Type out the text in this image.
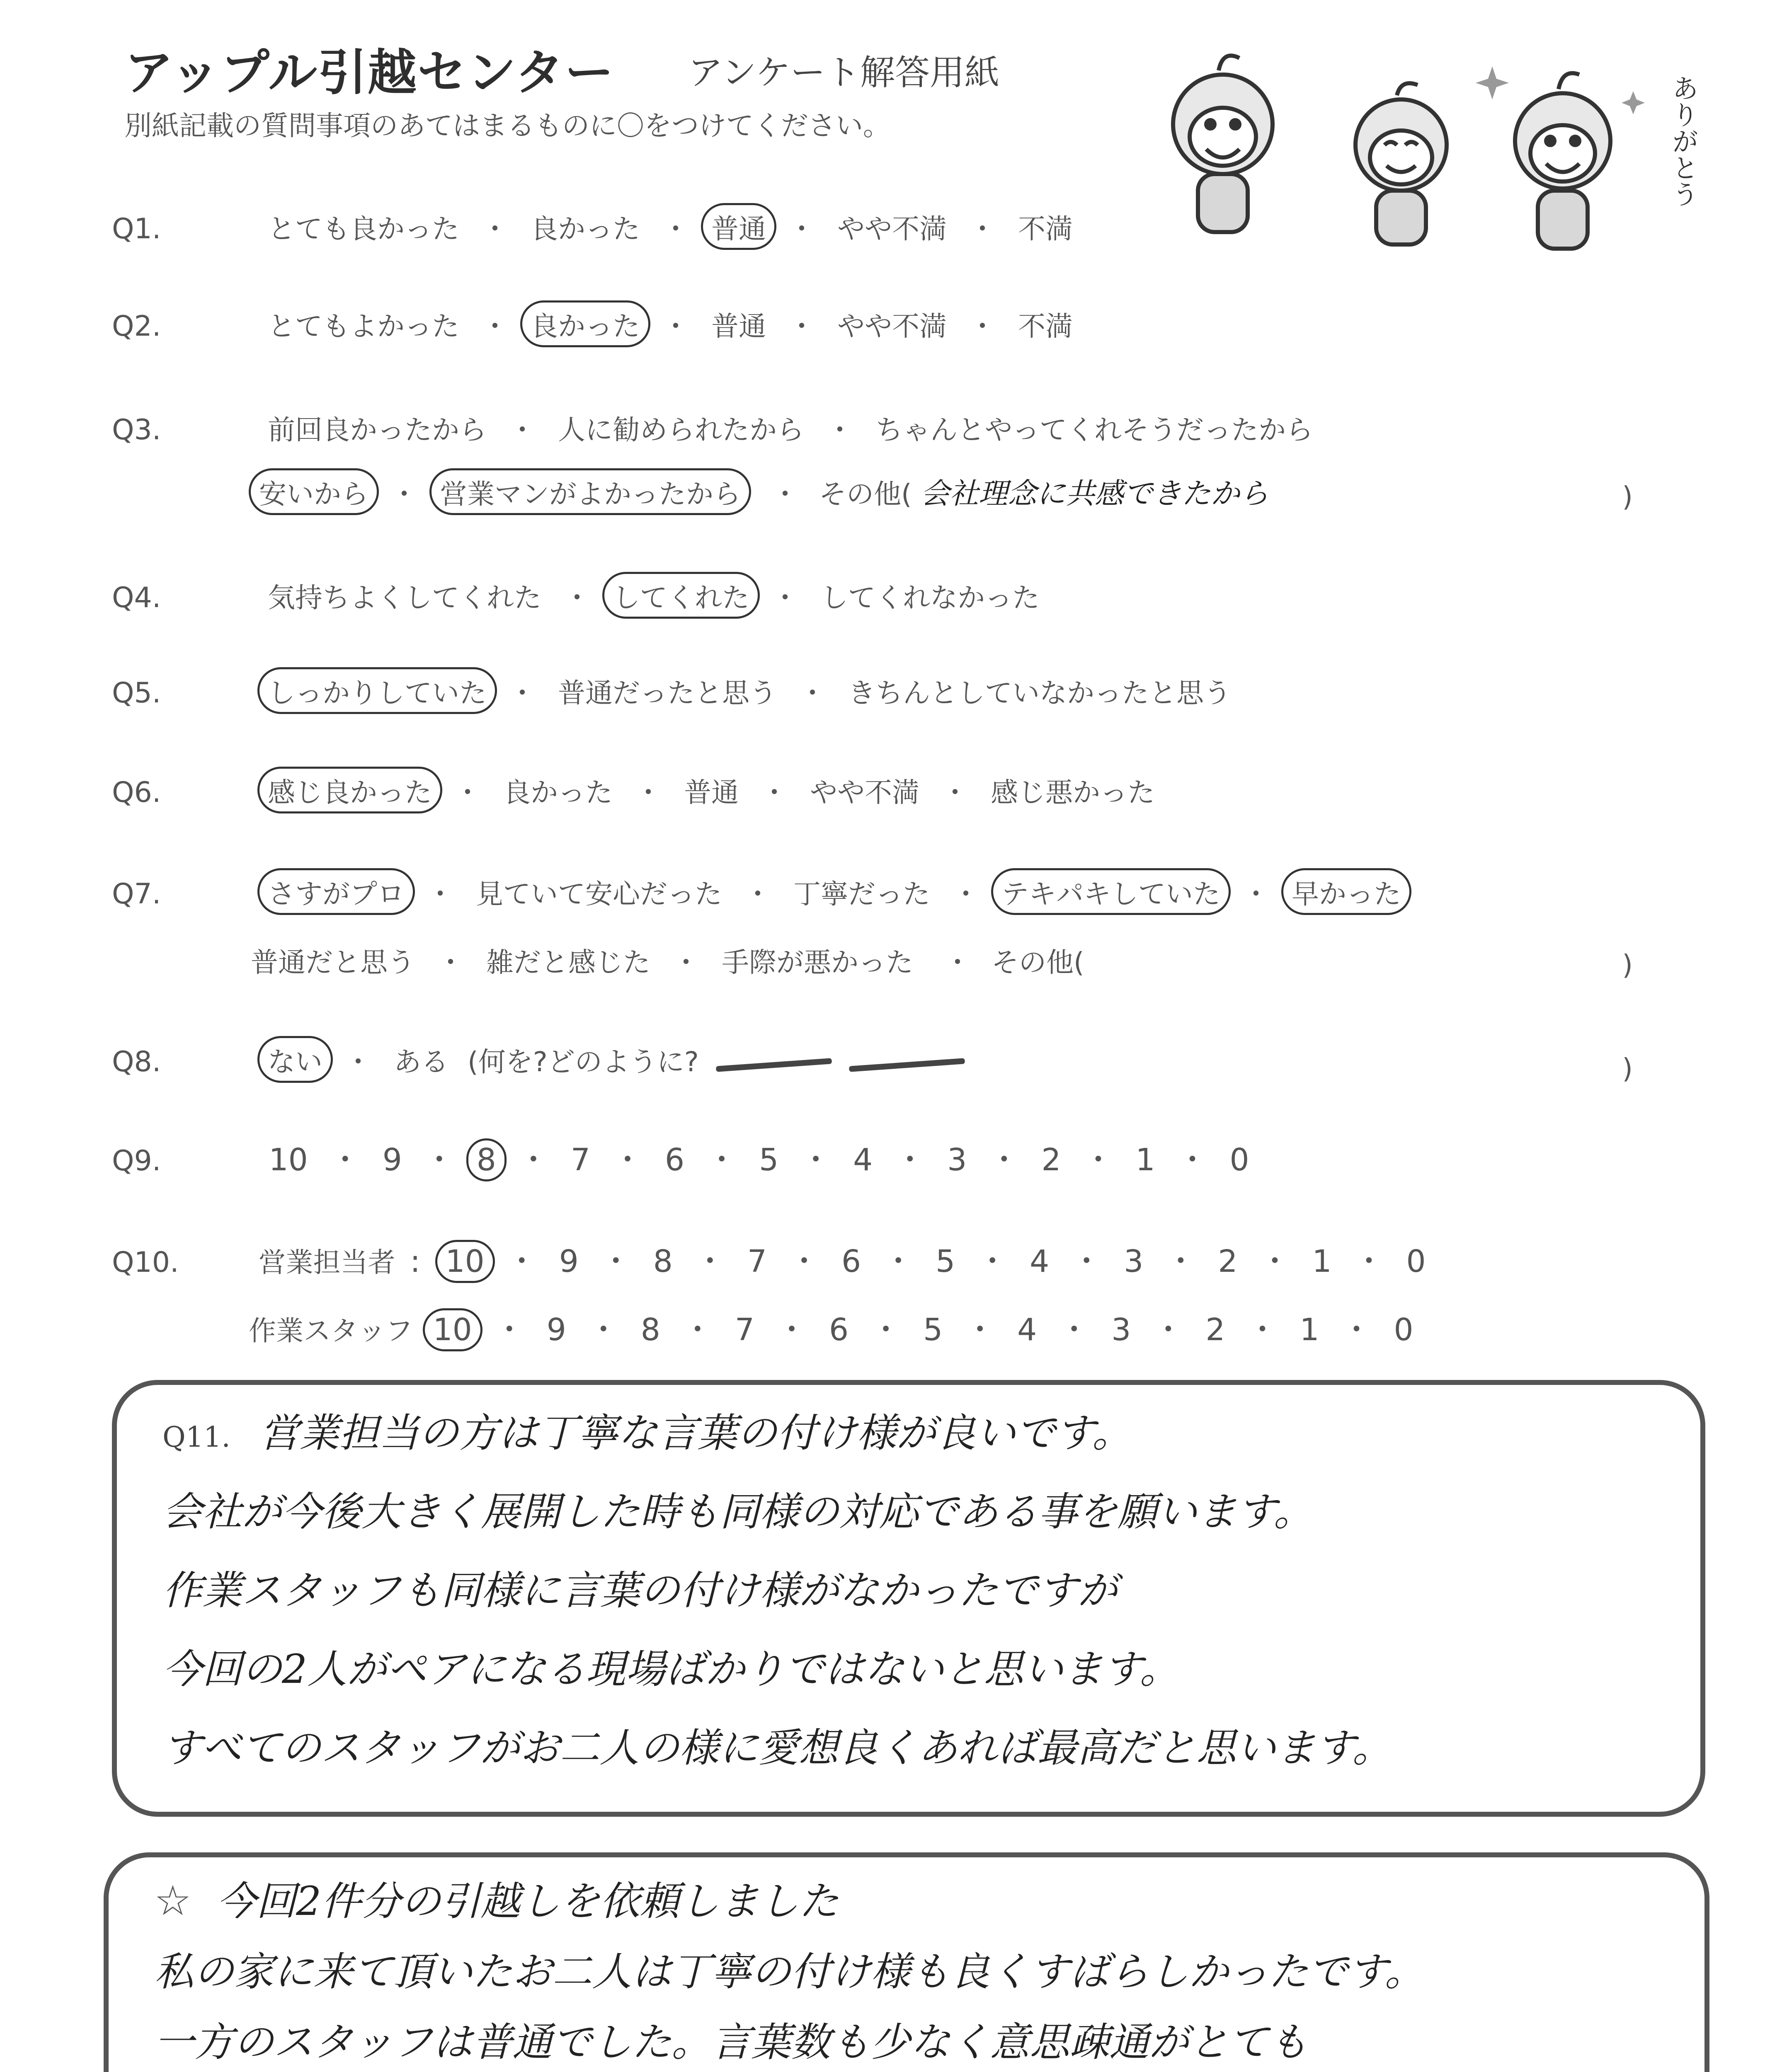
アップル引越センター アンケート解答用紙
別紙記載の質問事項のあてはまるものに〇をつけてください。	ありがとう
Q1.	とても良かった ・ 良かった ・ 普通 ・ やや不満 ・ 不満
Q2.	とてもよかった ・ 良かった ・ 普通 ・ やや不満 ・ 不満
Q3.	前回良かったから ・ 人に勧められたから ・ ちゃんとやってくれそうだったから
安いから ・ 営業マンがよかったから ・ その他( 会社理念に共感できたから	)
Q4.	気持ちよくしてくれた ・ してくれた ・ してくれなかった
Q5.	しっかりしていた ・ 普通だったと思う ・ きちんとしていなかったと思う
Q6.	感じ良かった ・ 良かった ・ 普通 ・ やや不満 ・ 感じ悪かった
Q7.	さすがプロ ・ 見ていて安心だった ・ 丁寧だった ・ テキパキしていた ・ 早かった
普通だと思う ・ 雑だと感じた ・ 手際が悪かった ・ その他(	)
Q8.	ない ・ ある (何を?どのように?	)
Q9.	10 ・ 9 ・ 8 ・ 7 ・ 6 ・ 5 ・ 4 ・ 3 ・ 2 ・ 1 ・ 0
Q10.	営業担当者 : 10 ・ 9 ・ 8 ・ 7 ・ 6 ・ 5 ・ 4 ・ 3 ・ 2 ・ 1 ・ 0
作業スタッフ 10 ・ 9 ・ 8 ・ 7 ・ 6 ・ 5 ・ 4 ・ 3 ・ 2 ・ 1 ・ 0
Q11. 営業担当の方は丁寧な言葉の付け様が良いです。
会社が今後大きく展開した時も同様の対応である事を願います。
作業スタッフも同様に言葉の付け様がなかったですが
今回の2人がペアになる現場ばかりではないと思います。
すべてのスタッフがお二人の様に愛想良くあれば最高だと思います。
☆ 今回2件分の引越しを依頼しました
私の家に来て頂いたお二人は丁寧の付け様も良くすばらしかったです。
一方のスタッフは普通でした。言葉数も少なく意思疎通がとても
